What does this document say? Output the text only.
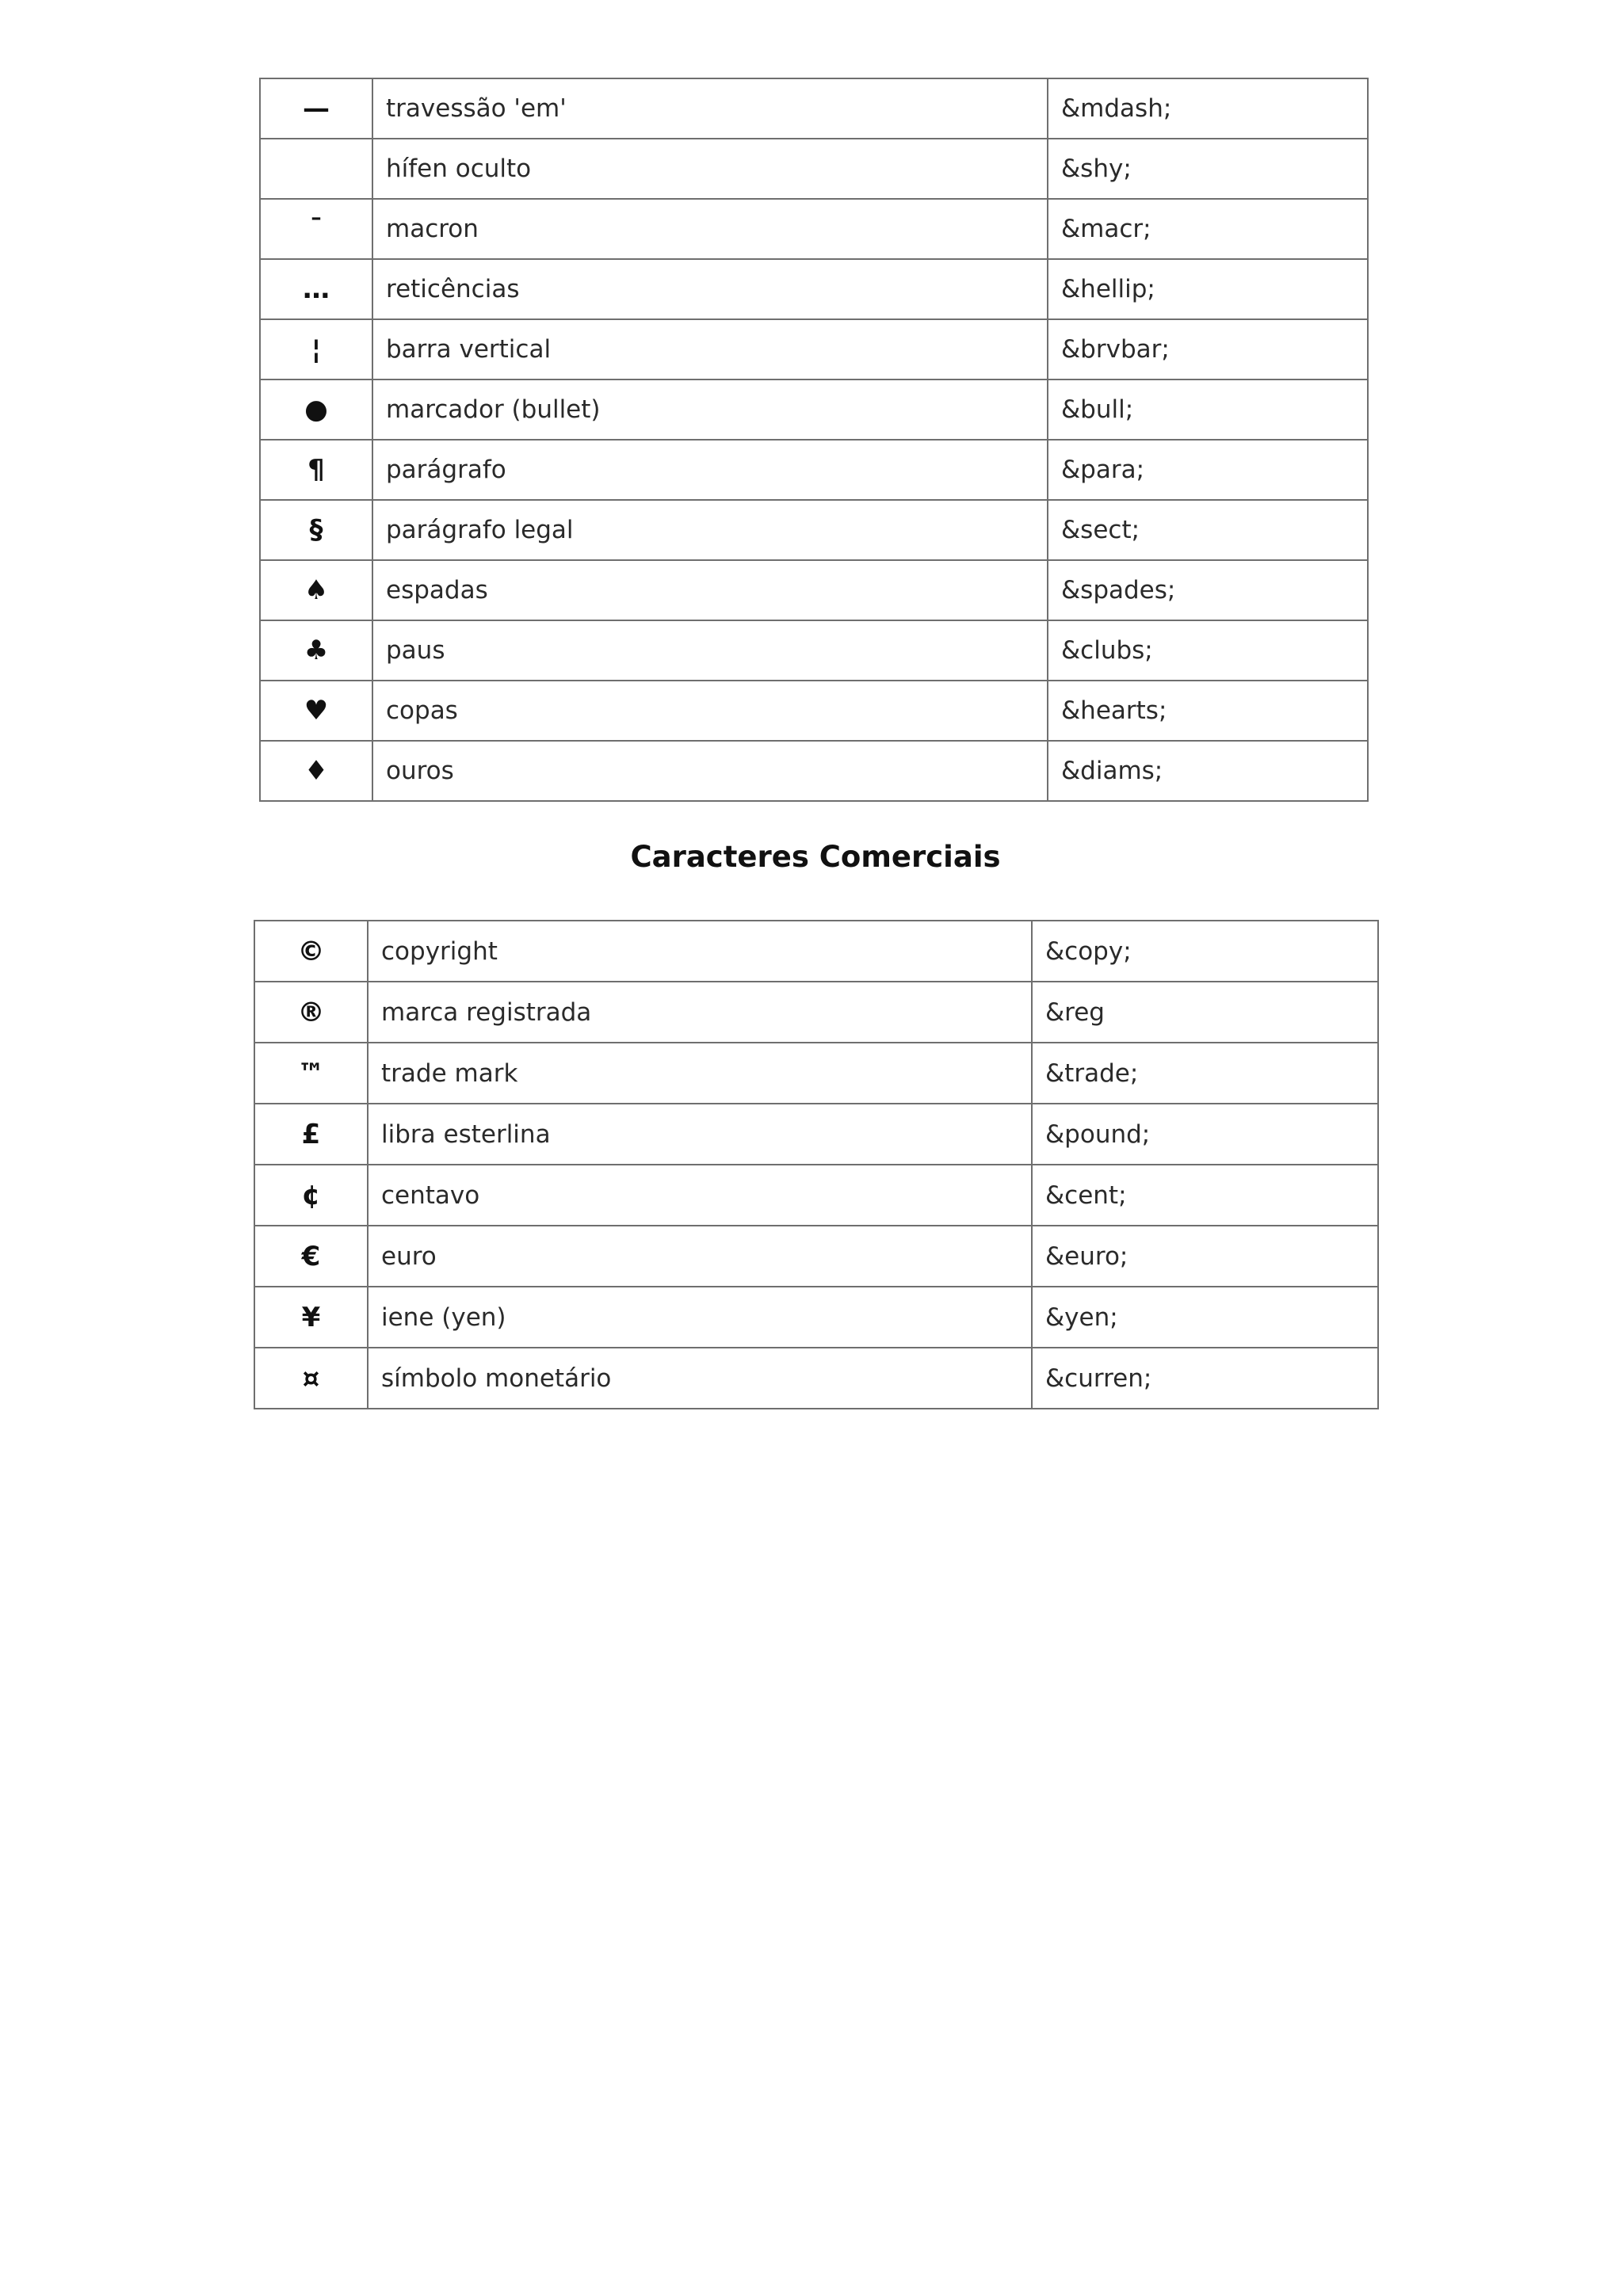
—	travessão 'em'	&mdash;
	hífen oculto	&shy;
¯	macron	&macr;
…	reticências	&hellip;
¦	barra vertical	&brvbar;
●	marcador (bullet)	&bull;
¶	parágrafo	&para;
§	parágrafo legal	&sect;
♠	espadas	&spades;
♣	paus	&clubs;
♥	copas	&hearts;
♦	ouros	&diams;
Caracteres Comerciais
©	copyright	&copy;
®	marca registrada	&reg
™	trade mark	&trade;
£	libra esterlina	&pound;
¢	centavo	&cent;
€	euro	&euro;
¥	iene (yen)	&yen;
¤	símbolo monetário	&curren;
